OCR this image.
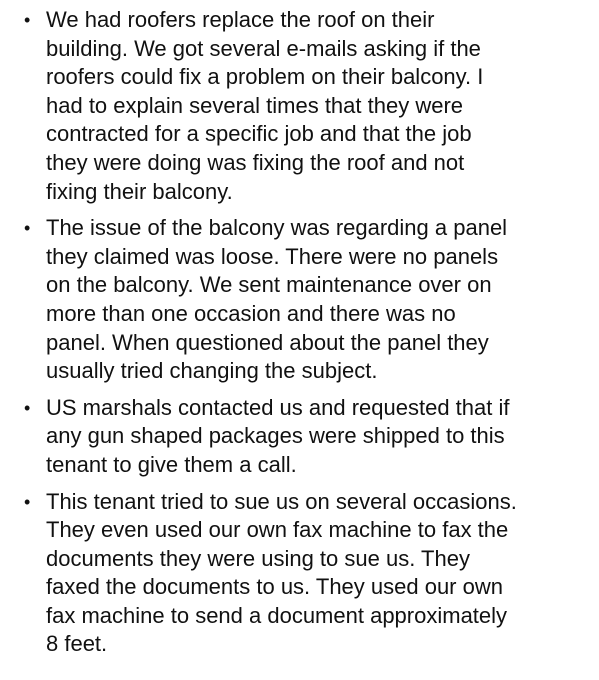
• We had roofers replace the roof on their
building. We got several e-mails asking if the
roofers could fix a problem on their balcony. I
had to explain several times that they were
contracted for a specific job and that the job
they were doing was fixing the roof and not
fixing their balcony.
• The issue of the balcony was regarding a panel
they claimed was loose. There were no panels
on the balcony. We sent maintenance over on
more than one occasion and there was no
panel. When questioned about the panel they
usually tried changing the subject.
• US marshals contacted us and requested that if
any gun shaped packages were shipped to this
tenant to give them a call.
• This tenant tried to sue us on several occasions.
They even used our own fax machine to fax the
documents they were using to sue us. They
faxed the documents to us. They used our own
fax machine to send a document approximately
8 feet.
